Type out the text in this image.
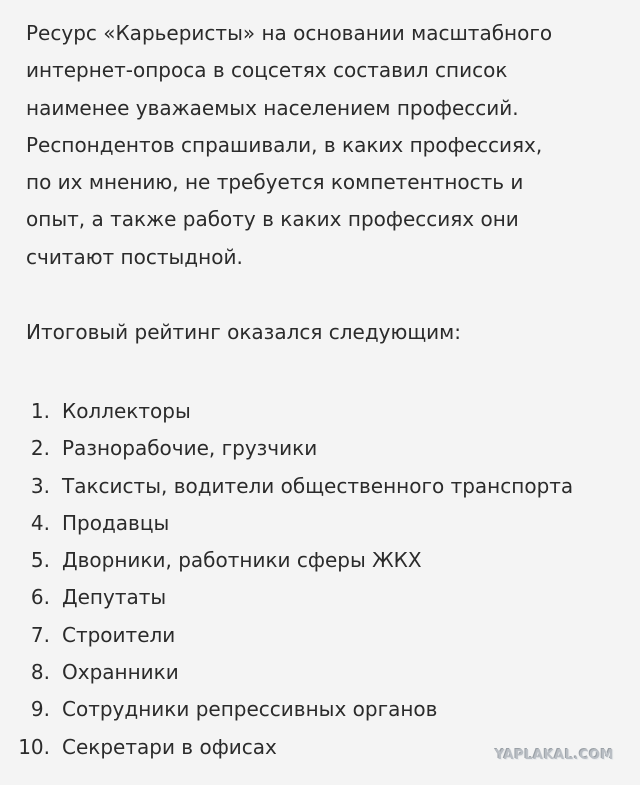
Ресурс «Карьеристы» на основании масштабного
интернет-опроса в соцсетях составил список
наименее уважаемых населением профессий.
Респондентов спрашивали, в каких профессиях,
по их мнению, не требуется компетентность и
опыт, а также работу в каких профессиях они
считают постыдной.

Итоговый рейтинг оказался следующим:

1. Коллекторы
2. Разнорабочие, грузчики
3. Таксисты, водители общественного транспорта
4. Продавцы
5. Дворники, работники сферы ЖКХ
6. Депутаты
7. Строители
8. Охранники
9. Сотрудники репрессивных органов
10. Секретари в офисах	YAPLAKAL.COM
